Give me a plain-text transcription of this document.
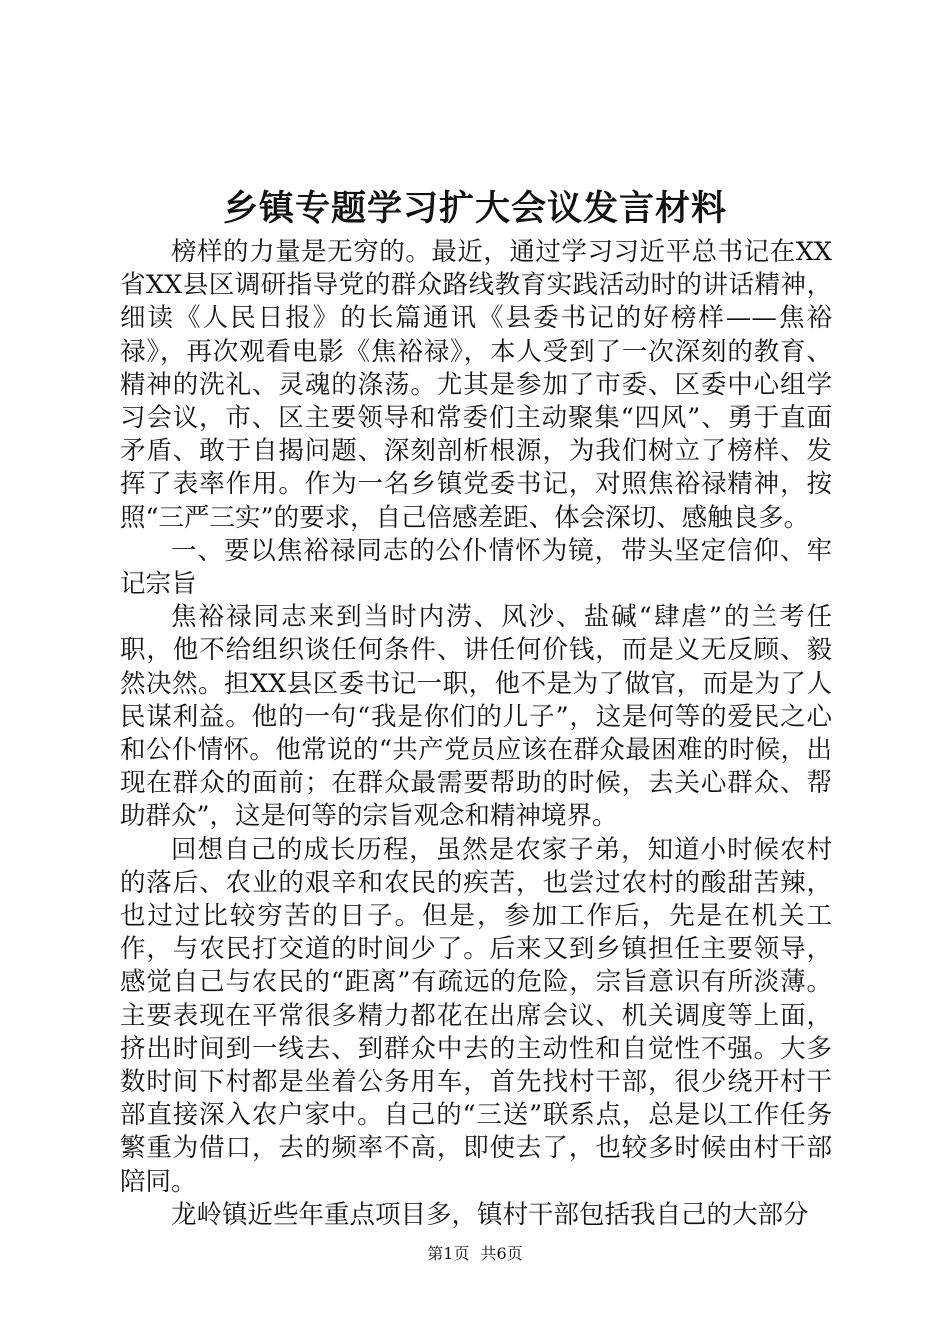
乡镇专题学习扩大会议发言材料

榜样的力量是无穷的。最近，通过学习习近平总书记在XX省XX县区调研指导党的群众路线教育实践活动时的讲话精神，细读《人民日报》的长篇通讯《县委书记的好榜样——焦裕禄》，再次观看电影《焦裕禄》，本人受到了一次深刻的教育、精神的洗礼、灵魂的涤荡。尤其是参加了市委、区委中心组学习会议，市、区主要领导和常委们主动聚集“四风”、勇于直面矛盾、敢于自揭问题、深刻剖析根源，为我们树立了榜样、发挥了表率作用。作为一名乡镇党委书记，对照焦裕禄精神，按照“三严三实”的要求，自己倍感差距、体会深切、感触良多。

一、要以焦裕禄同志的公仆情怀为镜，带头坚定信仰、牢记宗旨

焦裕禄同志来到当时内涝、风沙、盐碱“肆虐”的兰考任职，他不给组织谈任何条件、讲任何价钱，而是义无反顾、毅然决然。担XX县区委书记一职，他不是为了做官，而是为了人民谋利益。他的一句“我是你们的儿子”，这是何等的爱民之心和公仆情怀。他常说的“共产党员应该在群众最困难的时候，出现在群众的面前；在群众最需要帮助的时候，去关心群众、帮助群众”，这是何等的宗旨观念和精神境界。

回想自己的成长历程，虽然是农家子弟，知道小时候农村的落后、农业的艰辛和农民的疾苦，也尝过农村的酸甜苦辣，也过过比较穷苦的日子。但是，参加工作后，先是在机关工作，与农民打交道的时间少了。后来又到乡镇担任主要领导，感觉自己与农民的“距离”有疏远的危险，宗旨意识有所淡薄。主要表现在平常很多精力都花在出席会议、机关调度等上面，挤出时间到一线去、到群众中去的主动性和自觉性不强。大多数时间下村都是坐着公务用车，首先找村干部，很少绕开村干部直接深入农户家中。自己的“三送”联系点，总是以工作任务繁重为借口，去的频率不高，即使去了，也较多时候由村干部陪同。

龙岭镇近些年重点项目多，镇村干部包括我自己的大部分

第1页 共6页
